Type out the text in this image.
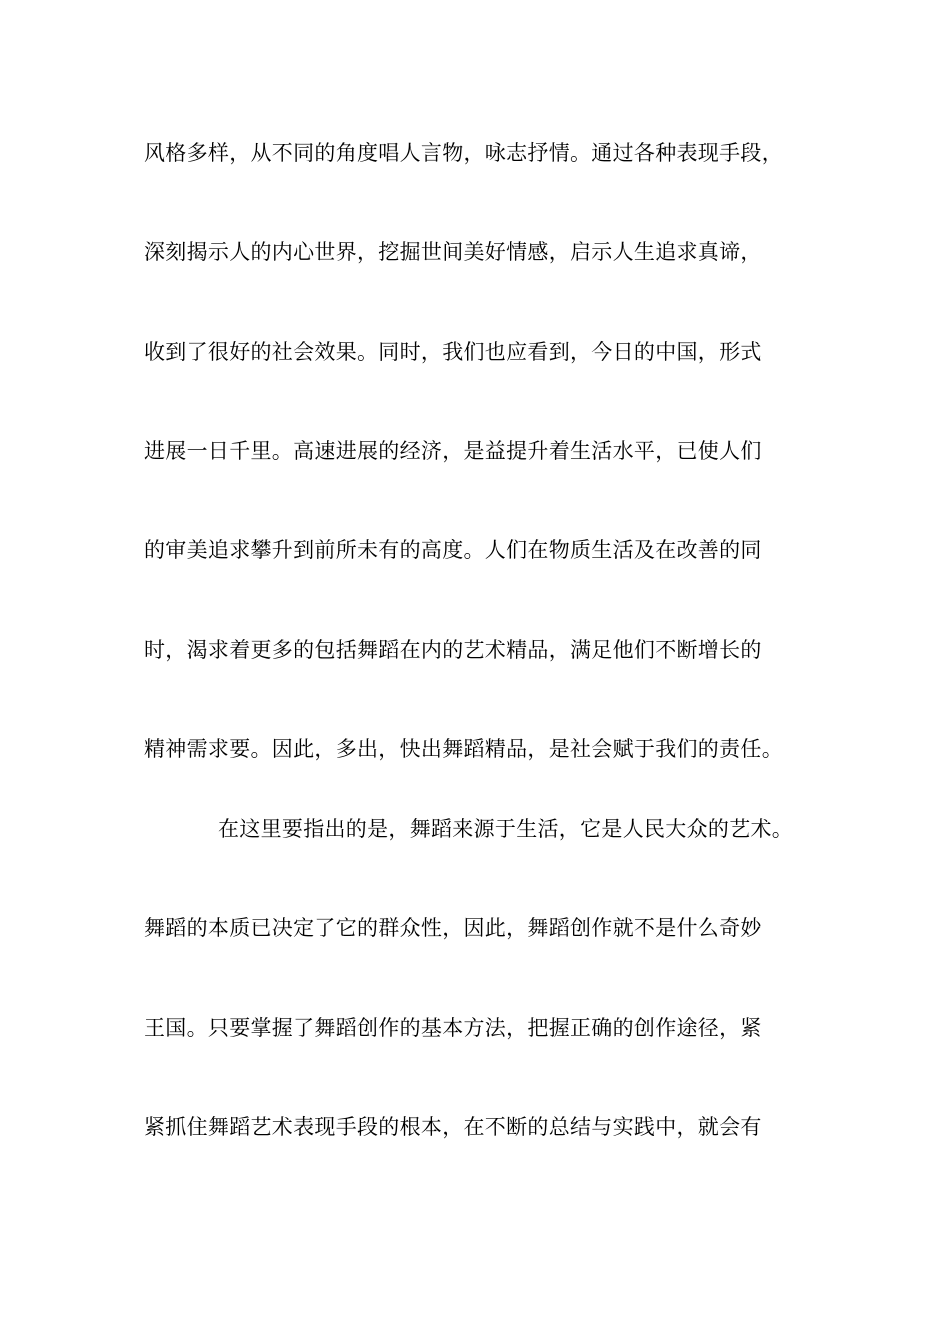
风格多样，从不同的角度唱人言物，咏志抒情。通过各种表现手段，
深刻揭示人的内心世界，挖掘世间美好情感，启示人生追求真谛，
收到了很好的社会效果。同时，我们也应看到，今日的中国，形式
进展一日千里。高速进展的经济，是益提升着生活水平，已使人们
的审美追求攀升到前所未有的高度。人们在物质生活及在改善的同
时，渴求着更多的包括舞蹈在内的艺术精品，满足他们不断增长的
精神需求要。因此，多出，快出舞蹈精品，是社会赋于我们的责任。
在这里要指出的是，舞蹈来源于生活，它是人民大众的艺术。
舞蹈的本质已决定了它的群众性，因此，舞蹈创作就不是什么奇妙
王国。只要掌握了舞蹈创作的基本方法，把握正确的创作途径，紧
紧抓住舞蹈艺术表现手段的根本，在不断的总结与实践中，就会有
